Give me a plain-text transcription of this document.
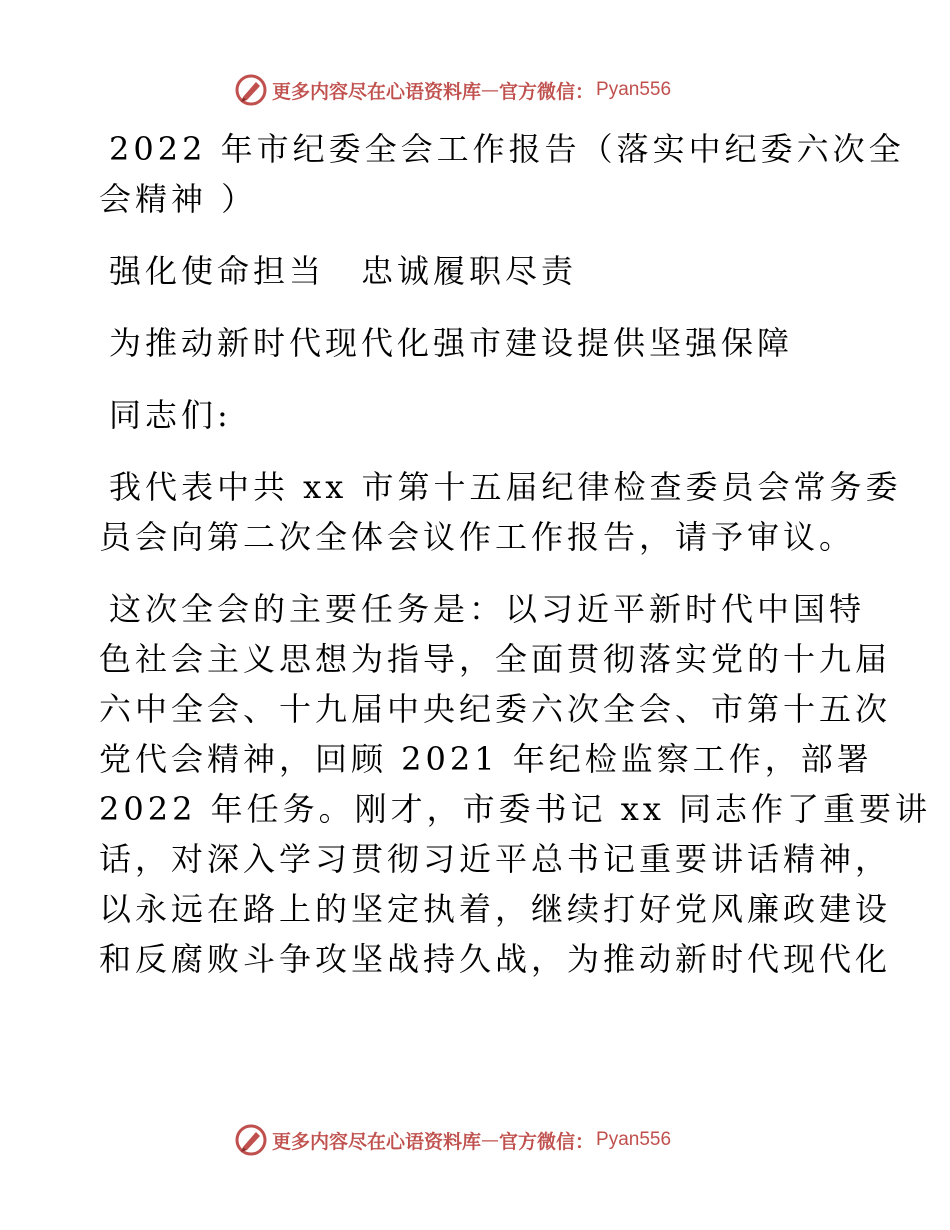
更多内容尽在心语资料库 — 官方微信： Pyan556
2022 年市纪委全会工作报告（落实中纪委六次全
会精神 ）
强化使命担当　忠诚履职尽责
为推动新时代现代化强市建设提供坚强保障
同志们:
我代表中共 xx 市第十五届纪律检查委员会常务委
员会向第二次全体会议作工作报告，请予审议。
这次全会的主要任务是：以习近平新时代中国特
色社会主义思想为指导，全面贯彻落实党的十九届
六中全会、十九届中央纪委六次全会、市第十五次
党代会精神，回顾 2021 年纪检监察工作，部署
2022 年任务。刚才，市委书记 xx 同志作了重要讲
话，对深入学习贯彻习近平总书记重要讲话精神，
以永远在路上的坚定执着，继续打好党风廉政建设
和反腐败斗争攻坚战持久战，为推动新时代现代化
更多内容尽在心语资料库 — 官方微信： Pyan556
